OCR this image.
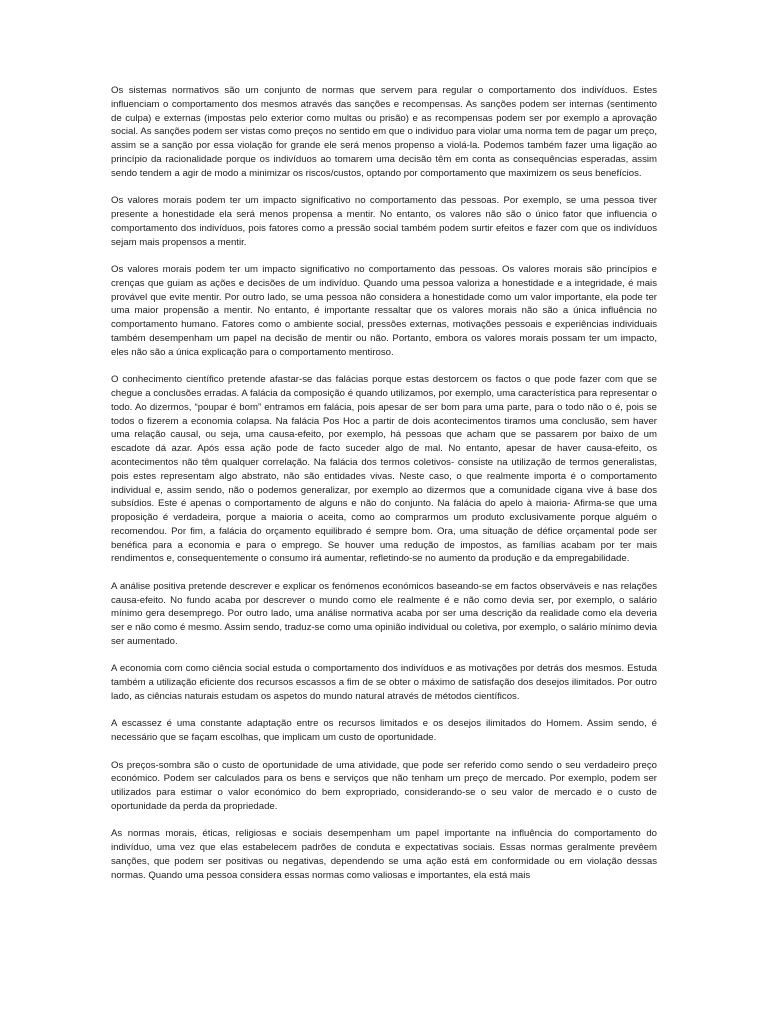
Os sistemas normativos são um conjunto de normas que servem para regular o comportamento dos indivíduos. Estes influenciam o comportamento dos mesmos através das sanções e recompensas. As sanções podem ser internas (sentimento de culpa) e externas (impostas pelo exterior como multas ou prisão) e as recompensas podem ser por exemplo a aprovação social. As sanções podem ser vistas como preços no sentido em que o individuo para violar uma norma tem de pagar um preço, assim se a sanção por essa violação for grande ele será menos propenso a violá-la. Podemos também fazer uma ligação ao princípio da racionalidade porque os indivíduos ao tomarem uma decisão têm em conta as consequências esperadas, assim sendo tendem a agir de modo a minimizar os riscos/custos, optando por comportamento que maximizem os seus benefícios.

Os valores morais podem ter um impacto significativo no comportamento das pessoas. Por exemplo, se uma pessoa tiver presente a honestidade ela será menos propensa a mentir. No entanto, os valores não são o único fator que influencia o comportamento dos indivíduos, pois fatores como a pressão social também podem surtir efeitos e fazer com que os indivíduos sejam mais propensos a mentir.

Os valores morais podem ter um impacto significativo no comportamento das pessoas. Os valores morais são princípios e crenças que guiam as ações e decisões de um indivíduo. Quando uma pessoa valoriza a honestidade e a integridade, é mais provável que evite mentir. Por outro lado, se uma pessoa não considera a honestidade como um valor importante, ela pode ter uma maior propensão a mentir. No entanto, é importante ressaltar que os valores morais não são a única influência no comportamento humano. Fatores como o ambiente social, pressões externas, motivações pessoais e experiências individuais também desempenham um papel na decisão de mentir ou não. Portanto, embora os valores morais possam ter um impacto, eles não são a única explicação para o comportamento mentiroso.

O conhecimento científico pretende afastar-se das falácias porque estas destorcem os factos o que pode fazer com que se chegue a conclusões erradas. A falácia da composição é quando utilizamos, por exemplo, uma característica para representar o todo. Ao dizermos, “poupar é bom” entramos em falácia, pois apesar de ser bom para uma parte, para o todo não o é, pois se todos o fizerem a economia colapsa. Na falácia Pos Hoc a partir de dois acontecimentos tiramos uma conclusão, sem haver uma relação causal, ou seja, uma causa-efeito, por exemplo, há pessoas que acham que se passarem por baixo de um escadote dá azar. Após essa ação pode de facto suceder algo de mal. No entanto, apesar de haver causa-efeito, os acontecimentos não têm qualquer correlação. Na falácia dos termos coletivos- consiste na utilização de termos generalistas, pois estes representam algo abstrato, não são entidades vivas. Neste caso, o que realmente importa é o comportamento individual e, assim sendo, não o podemos generalizar, por exemplo ao dizermos que a comunidade cigana vive á base dos subsídios. Este é apenas o comportamento de alguns e não do conjunto. Na falácia do apelo à maioria- Afirma-se que uma proposição é verdadeira, porque a maioria o aceita, como ao comprarmos um produto exclusivamente porque alguém o recomendou. Por fim, a falácia do orçamento equilibrado é sempre bom. Ora, uma situação de défice orçamental pode ser benéfica para a economia e para o emprego. Se houver uma redução de impostos, as famílias acabam por ter mais rendimentos e, consequentemente o consumo irá aumentar, refletindo-se no aumento da produção e da empregabilidade.

A análise positiva pretende descrever e explicar os fenómenos económicos baseando-se em factos observáveis e nas relações causa-efeito. No fundo acaba por descrever o mundo como ele realmente é e não como devia ser, por exemplo, o salário mínimo gera desemprego. Por outro lado, uma análise normativa acaba por ser uma descrição da realidade como ela deveria ser e não como é mesmo. Assim sendo, traduz-se como uma opinião individual ou coletiva, por exemplo, o salário mínimo devia ser aumentado.

A economia com como ciência social estuda o comportamento dos indivíduos e as motivações por detrás dos mesmos. Estuda também a utilização eficiente dos recursos escassos a fim de se obter o máximo de satisfação dos desejos ilimitados. Por outro lado, as ciências naturais estudam os aspetos do mundo natural através de métodos científicos.

A escassez é uma constante adaptação entre os recursos limitados e os desejos ilimitados do Homem. Assim sendo, é necessário que se façam escolhas, que implicam um custo de oportunidade.

Os preços-sombra são o custo de oportunidade de uma atividade, que pode ser referido como sendo o seu verdadeiro preço económico. Podem ser calculados para os bens e serviços que não tenham um preço de mercado. Por exemplo, podem ser utilizados para estimar o valor económico do bem expropriado, considerando-se o seu valor de mercado e o custo de oportunidade da perda da propriedade.

As normas morais, éticas, religiosas e sociais desempenham um papel importante na influência do comportamento do indivíduo, uma vez que elas estabelecem padrões de conduta e expectativas sociais. Essas normas geralmente prevêem sanções, que podem ser positivas ou negativas, dependendo se uma ação está em conformidade ou em violação dessas normas. Quando uma pessoa considera essas normas como valiosas e importantes, ela está mais
